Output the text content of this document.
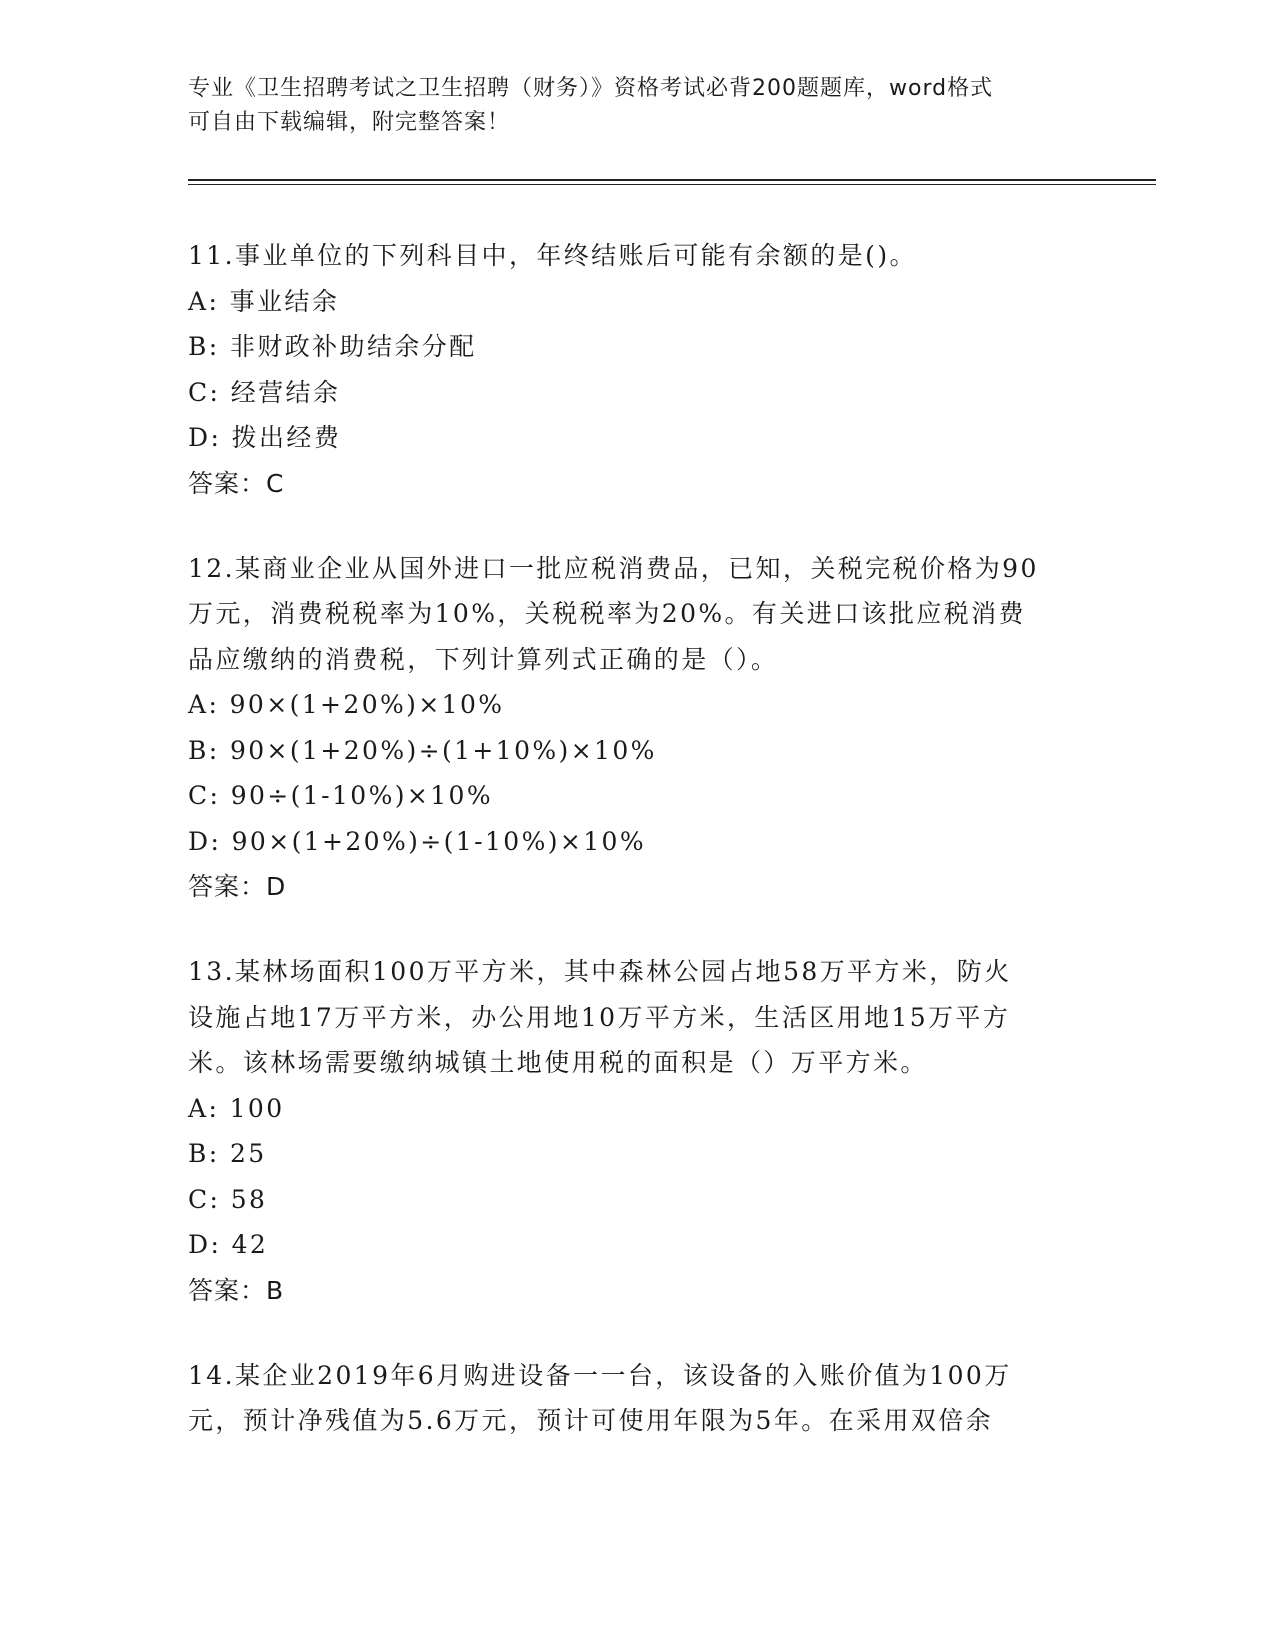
专业《卫生招聘考试之卫生招聘（财务）》资格考试必背200题题库，word格式
可自由下载编辑，附完整答案！
11.事业单位的下列科目中，年终结账后可能有余额的是()。
A: 事业结余
B: 非财政补助结余分配
C: 经营结余
D: 拨出经费
答案：C
12.某商业企业从国外进口一批应税消费品，已知，关税完税价格为90
万元，消费税税率为10%，关税税率为20%。有关进口该批应税消费
品应缴纳的消费税，下列计算列式正确的是（）。
A: 90×(1+20%)×10%
B: 90×(1+20%)÷(1+10%)×10%
C: 90÷(1-10%)×10%
D: 90×(1+20%)÷(1-10%)×10%
答案：D
13.某林场面积100万平方米，其中森林公园占地58万平方米，防火
设施占地17万平方米，办公用地10万平方米，生活区用地15万平方
米。该林场需要缴纳城镇土地使用税的面积是（）万平方米。
A: 100
B: 25
C: 58
D: 42
答案：B
14.某企业2019年6月购进设备一一台，该设备的入账价值为100万
元，预计净残值为5.6万元，预计可使用年限为5年。在采用双倍余
